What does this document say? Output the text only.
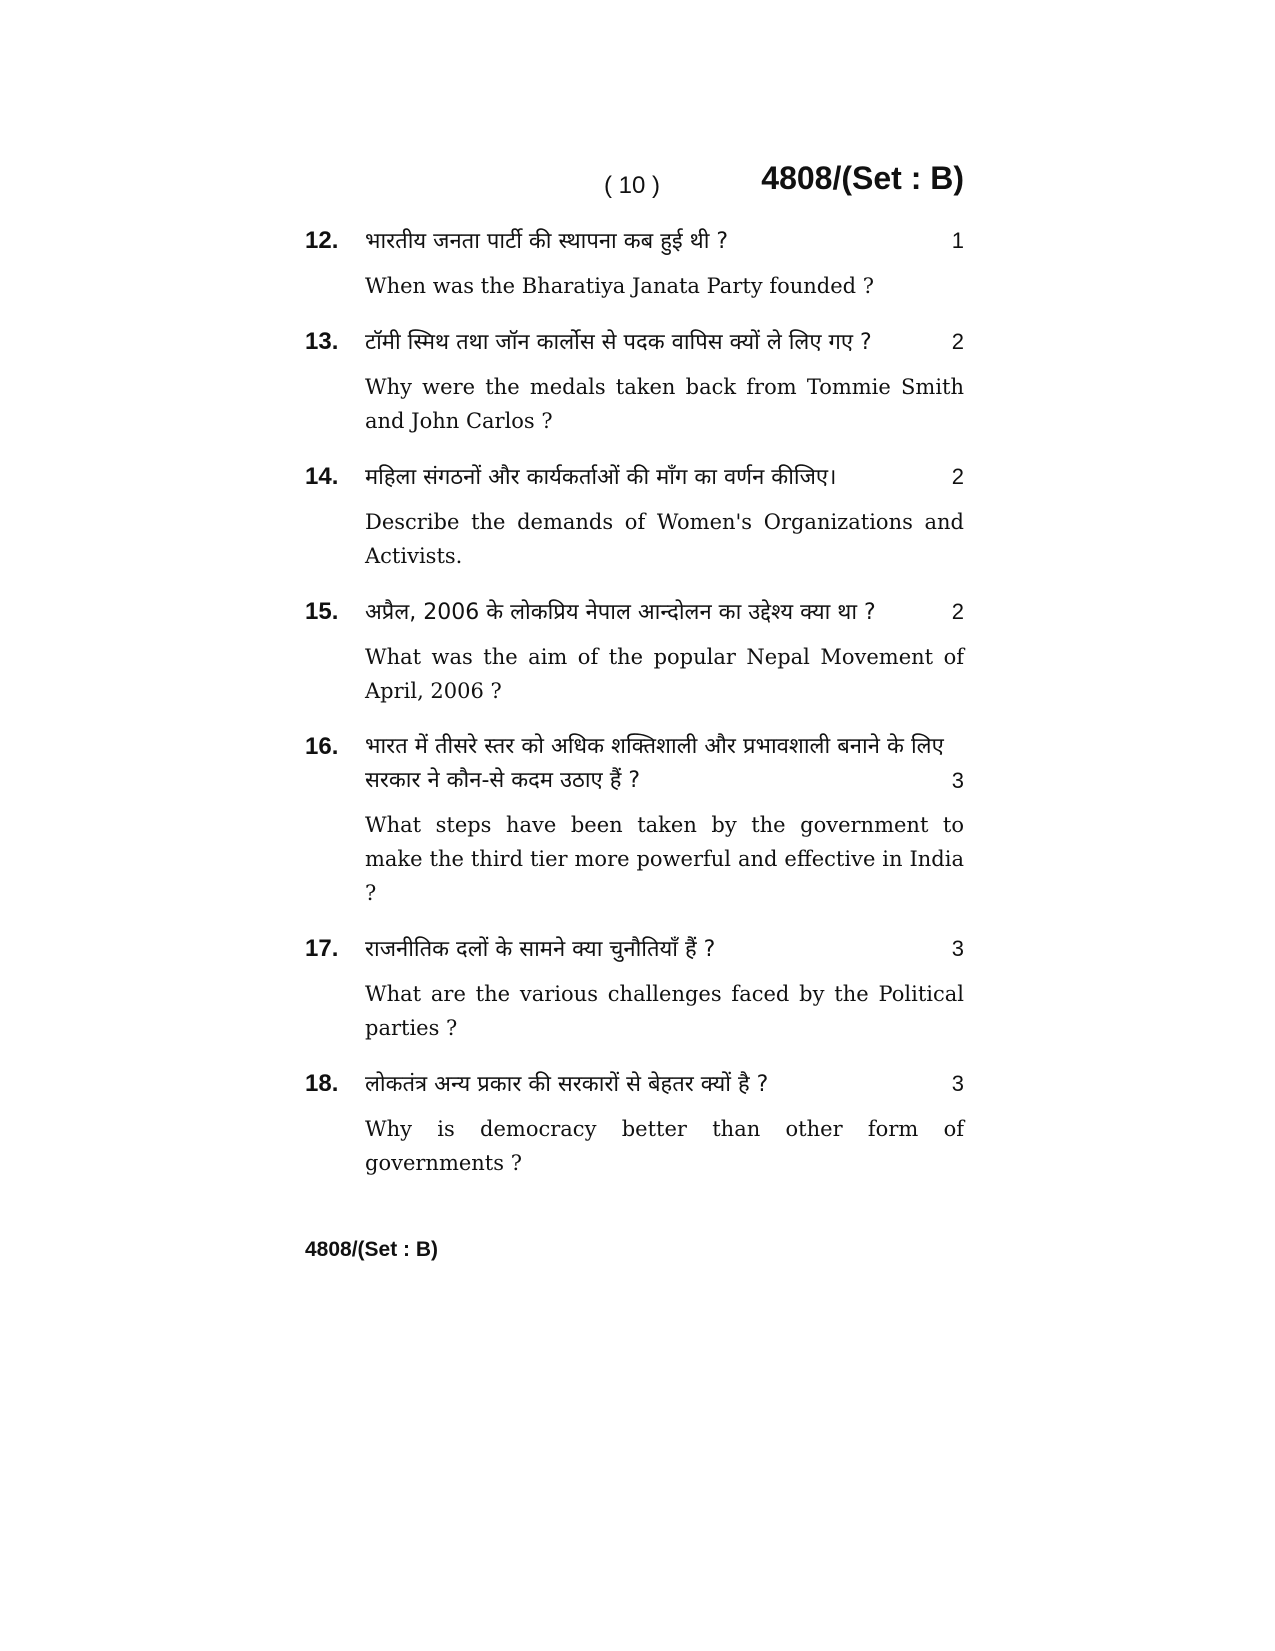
( 10 )	4808/(Set : B)
12.	भारतीय जनता पार्टी की स्थापना कब हुई थी ?	1
When was the Bharatiya Janata Party founded ?
13.	टॉमी स्मिथ तथा जॉन कार्लोस से पदक वापिस क्यों ले लिए गए ?	2
Why were the medals taken back from Tommie Smith and John Carlos ?
14.	महिला संगठनों और कार्यकर्ताओं की माँग का वर्णन कीजिए।	2
Describe the demands of Women's Organizations and Activists.
15.	अप्रैल, 2006 के लोकप्रिय नेपाल आन्दोलन का उद्देश्य क्या था ?	2
What was the aim of the popular Nepal Movement of April, 2006 ?
16.	भारत में तीसरे स्तर को अधिक शक्तिशाली और प्रभावशाली बनाने के लिए सरकार ने कौन-से कदम उठाए हैं ?	3
What steps have been taken by the government to make the third tier more powerful and effective in India ?
17.	राजनीतिक दलों के सामने क्या चुनौतियाँ हैं ?	3
What are the various challenges faced by the Political parties ?
18.	लोकतंत्र अन्य प्रकार की सरकारों से बेहतर क्यों है ?	3
Why is democracy better than other form of governments ?
4808/(Set : B)
